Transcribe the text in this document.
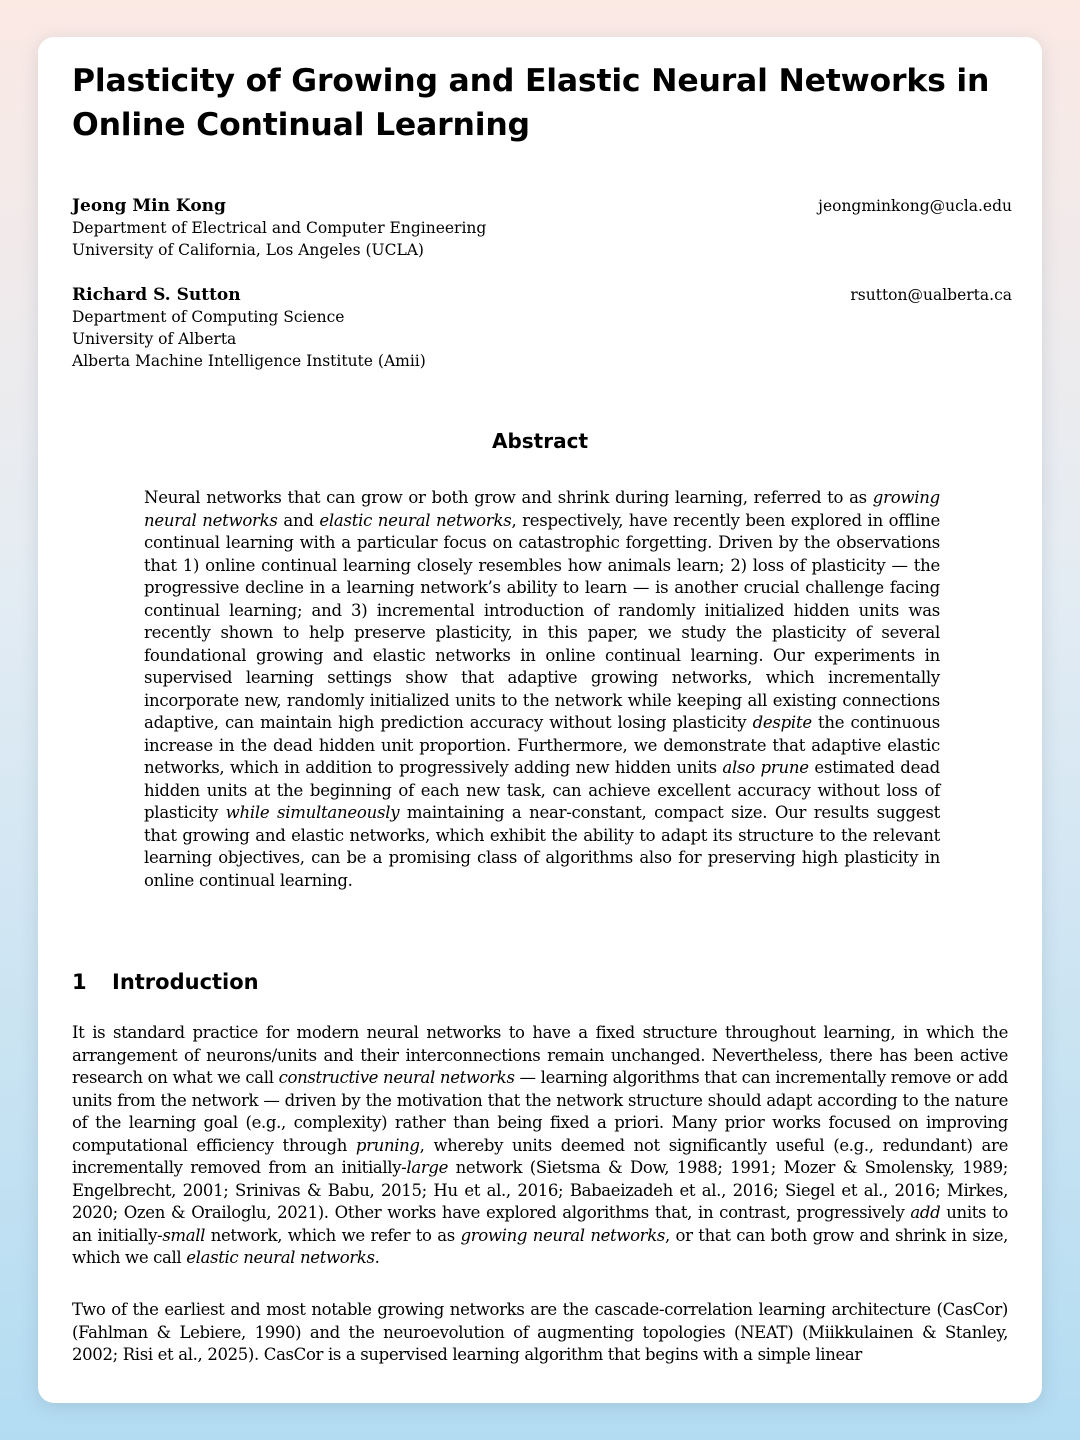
Plasticity of Growing and Elastic Neural Networks in Online Continual Learning
Jeong Min Kong
Department of Electrical and Computer Engineering
University of California, Los Angeles (UCLA)
jeongminkong@ucla.edu
Richard S. Sutton
Department of Computing Science
University of Alberta
Alberta Machine Intelligence Institute (Amii)
rsutton@ualberta.ca
Abstract

Neural networks that can grow or both grow and shrink during learning, referred to as growing neural networks and elastic neural networks, respectively, have recently been explored in offline continual learning with a particular focus on catastrophic forgetting. Driven by the observations that 1) online continual learning closely resembles how animals learn; 2) loss of plasticity — the progressive decline in a learning network’s ability to learn — is another crucial challenge facing continual learning; and 3) incremental introduction of randomly initialized hidden units was recently shown to help preserve plasticity, in this paper, we study the plasticity of several foundational growing and elastic networks in online continual learning. Our experiments in supervised learning settings show that adaptive growing networks, which incrementally incorporate new, randomly initialized units to the network while keeping all existing connections adaptive, can maintain high prediction accuracy without losing plasticity despite the continuous increase in the dead hidden unit proportion. Furthermore, we demonstrate that adaptive elastic networks, which in addition to progressively adding new hidden units also prune estimated dead hidden units at the beginning of each new task, can achieve excellent accuracy without loss of plasticity while simultaneously maintaining a near-constant, compact size. Our results suggest that growing and elastic networks, which exhibit the ability to adapt its structure to the relevant learning objectives, can be a promising class of algorithms also for preserving high plasticity in online continual learning.

1 Introduction

It is standard practice for modern neural networks to have a fixed structure throughout learning, in which the arrangement of neurons/units and their interconnections remain unchanged. Nevertheless, there has been active research on what we call constructive neural networks — learning algorithms that can incrementally remove or add units from the network — driven by the motivation that the network structure should adapt according to the nature of the learning goal (e.g., complexity) rather than being fixed a priori. Many prior works focused on improving computational efficiency through pruning, whereby units deemed not significantly useful (e.g., redundant) are incrementally removed from an initially-large network (Sietsma & Dow, 1988; 1991; Mozer & Smolensky, 1989; Engelbrecht, 2001; Srinivas & Babu, 2015; Hu et al., 2016; Babaeizadeh et al., 2016; Siegel et al., 2016; Mirkes, 2020; Ozen & Orailoglu, 2021). Other works have explored algorithms that, in contrast, progressively add units to an initially-small network, which we refer to as growing neural networks, or that can both grow and shrink in size, which we call elastic neural networks.

Two of the earliest and most notable growing networks are the cascade-correlation learning architecture (CasCor) (Fahlman & Lebiere, 1990) and the neuroevolution of augmenting topologies (NEAT) (Miikkulainen & Stanley, 2002; Risi et al., 2025). CasCor is a supervised learning algorithm that begins with a simple linear
